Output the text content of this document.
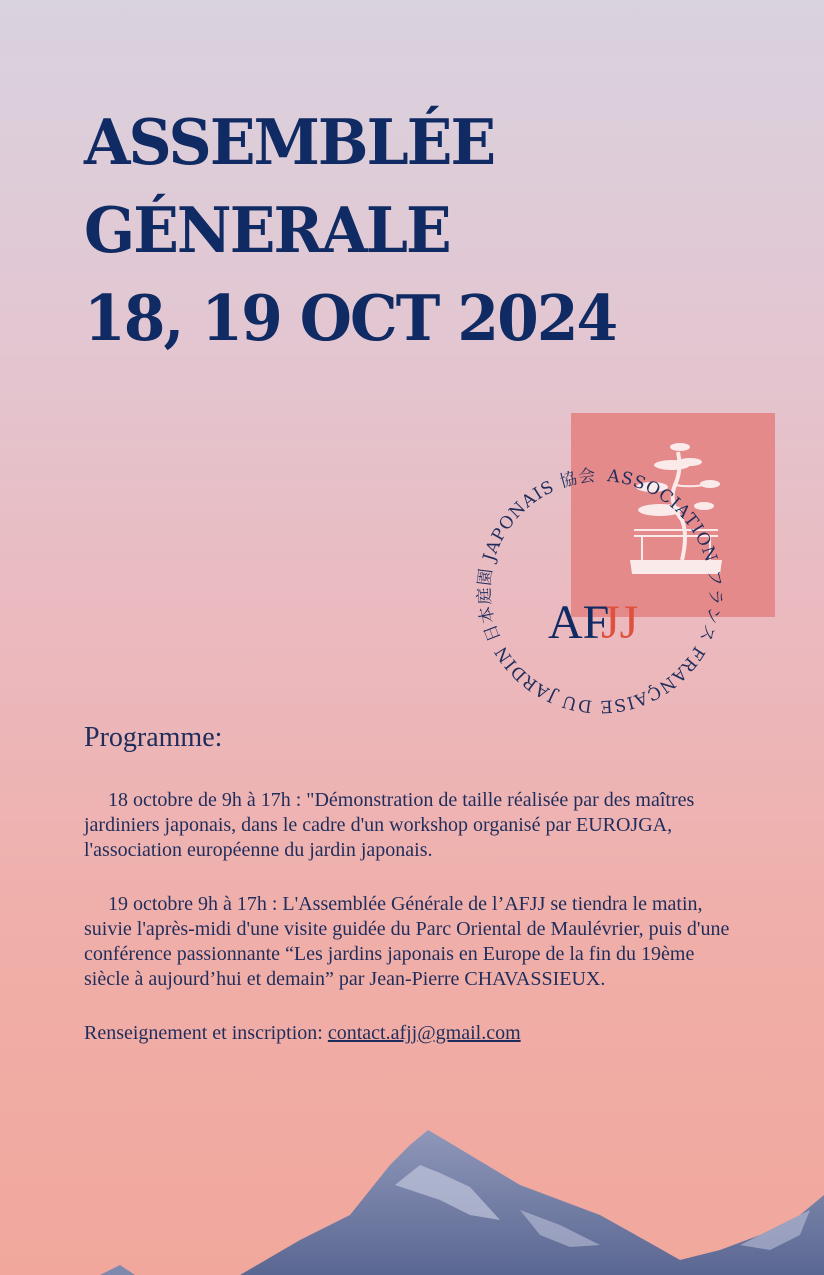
ASSEMBLÉE
GÉNERALE
18, 19 OCT 2024
ASSOCIATION フランス FRANÇAISE DU JARDIN 日本庭園 JAPONAIS 協会
AF
JJ
Programme:

18 octobre de 9h à 17h : "Démonstration de taille réalisée par des maîtres jardiniers japonais, dans le cadre d'un workshop organisé par EUROJGA, l'association européenne du jardin japonais.

19 octobre 9h à 17h : L'Assemblée Générale de l’AFJJ se tiendra le matin, suivie l'après-midi d'une visite guidée du Parc Oriental de Maulévrier, puis d'une conférence passionnante “Les jardins japonais en Europe de la fin du 19ème siècle à aujourd’hui et demain” par Jean-Pierre CHAVASSIEUX.

Renseignement et inscription: contact.afjj@gmail.com
